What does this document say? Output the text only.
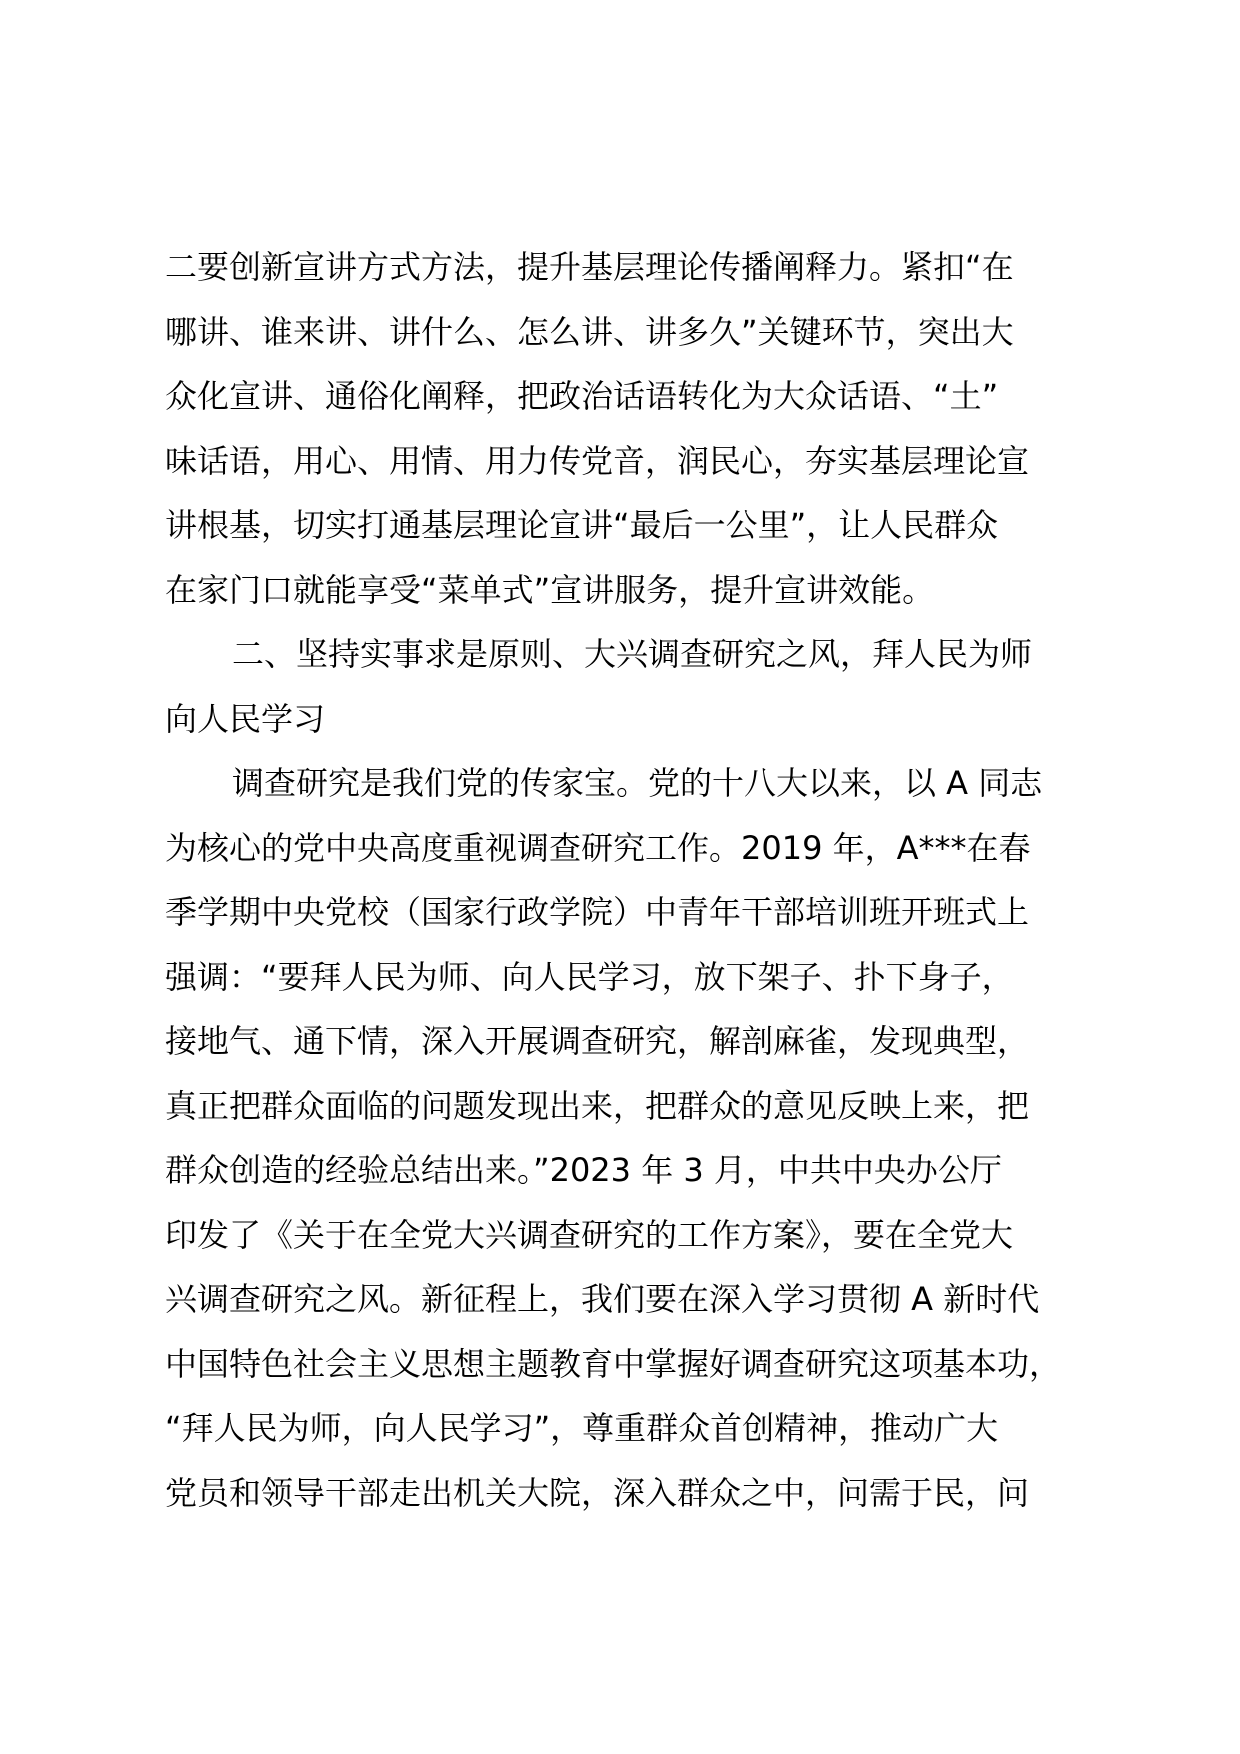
二要创新宣讲方式方法，提升基层理论传播阐释力。紧扣“在
哪讲、谁来讲、讲什么、怎么讲、讲多久”关键环节，突出大
众化宣讲、通俗化阐释，把政治话语转化为大众话语、“土”
味话语，用心、用情、用力传党音，润民心，夯实基层理论宣
讲根基，切实打通基层理论宣讲“最后一公里”，让人民群众
在家门口就能享受“菜单式”宣讲服务，提升宣讲效能。
二、坚持实事求是原则、大兴调查研究之风，拜人民为师
向人民学习
调查研究是我们党的传家宝。党的十八大以来，以 A 同志
为核心的党中央高度重视调查研究工作。2019 年，A***在春
季学期中央党校（国家行政学院）中青年干部培训班开班式上
强调：“要拜人民为师、向人民学习，放下架子、扑下身子，
接地气、通下情，深入开展调查研究，解剖麻雀，发现典型，
真正把群众面临的问题发现出来，把群众的意见反映上来，把
群众创造的经验总结出来。”2023 年 3 月，中共中央办公厅
印发了《关于在全党大兴调查研究的工作方案》，要在全党大
兴调查研究之风。新征程上，我们要在深入学习贯彻 A 新时代
中国特色社会主义思想主题教育中掌握好调查研究这项基本功，
“拜人民为师，向人民学习”，尊重群众首创精神，推动广大
党员和领导干部走出机关大院，深入群众之中，问需于民，问
